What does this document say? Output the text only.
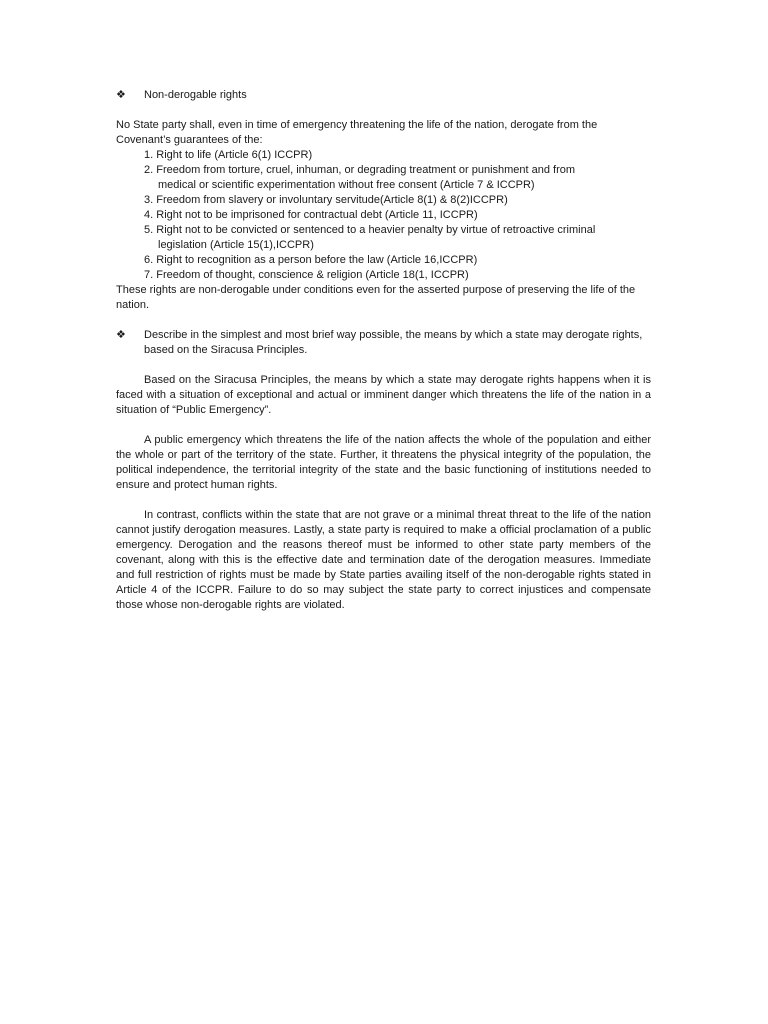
❖	Non-derogable rights

No State party shall, even in time of emergency threatening the life of the nation, derogate from the Covenant’s guarantees of the:

1. Right to life (Article 6(1) ICCPR)
2. Freedom from torture, cruel, inhuman, or degrading treatment or punishment and from
medical or scientific experimentation without free consent (Article 7 & ICCPR)
3. Freedom from slavery or involuntary servitude(Article 8(1) & 8(2)ICCPR)
4. Right not to be imprisoned for contractual debt (Article 11, ICCPR)
5. Right not to be convicted or sentenced to a heavier penalty by virtue of retroactive criminal
legislation (Article 15(1),ICCPR)
6. Right to recognition as a person before the law (Article 16,ICCPR)
7. Freedom of thought, conscience & religion (Article 18(1, ICCPR)

These rights are non-derogable under conditions even for the asserted purpose of preserving the life of the nation.

❖	Describe in the simplest and most brief way possible, the means by which a state may derogate rights, based on the Siracusa Principles.

Based on the Siracusa Principles, the means by which a state may derogate rights happens when it is faced with a situation of exceptional and actual or imminent danger which threatens the life of the nation in a situation of “Public Emergency”.

A public emergency which threatens the life of the nation affects the whole of the population and either the whole or part of the territory of the state. Further, it threatens the physical integrity of the population, the political independence, the territorial integrity of the state and the basic functioning of institutions needed to ensure and protect human rights.

In contrast, conflicts within the state that are not grave or a minimal threat threat to the life of the nation cannot justify derogation measures. Lastly, a state party is required to make a official proclamation of a public emergency. Derogation and the reasons thereof must be informed to other state party members of the covenant, along with this is the effective date and termination date of the derogation measures. Immediate and full restriction of rights must be made by State parties availing itself of the non-derogable rights stated in Article 4 of the ICCPR. Failure to do so may subject the state party to correct injustices and compensate those whose non-derogable rights are violated.
